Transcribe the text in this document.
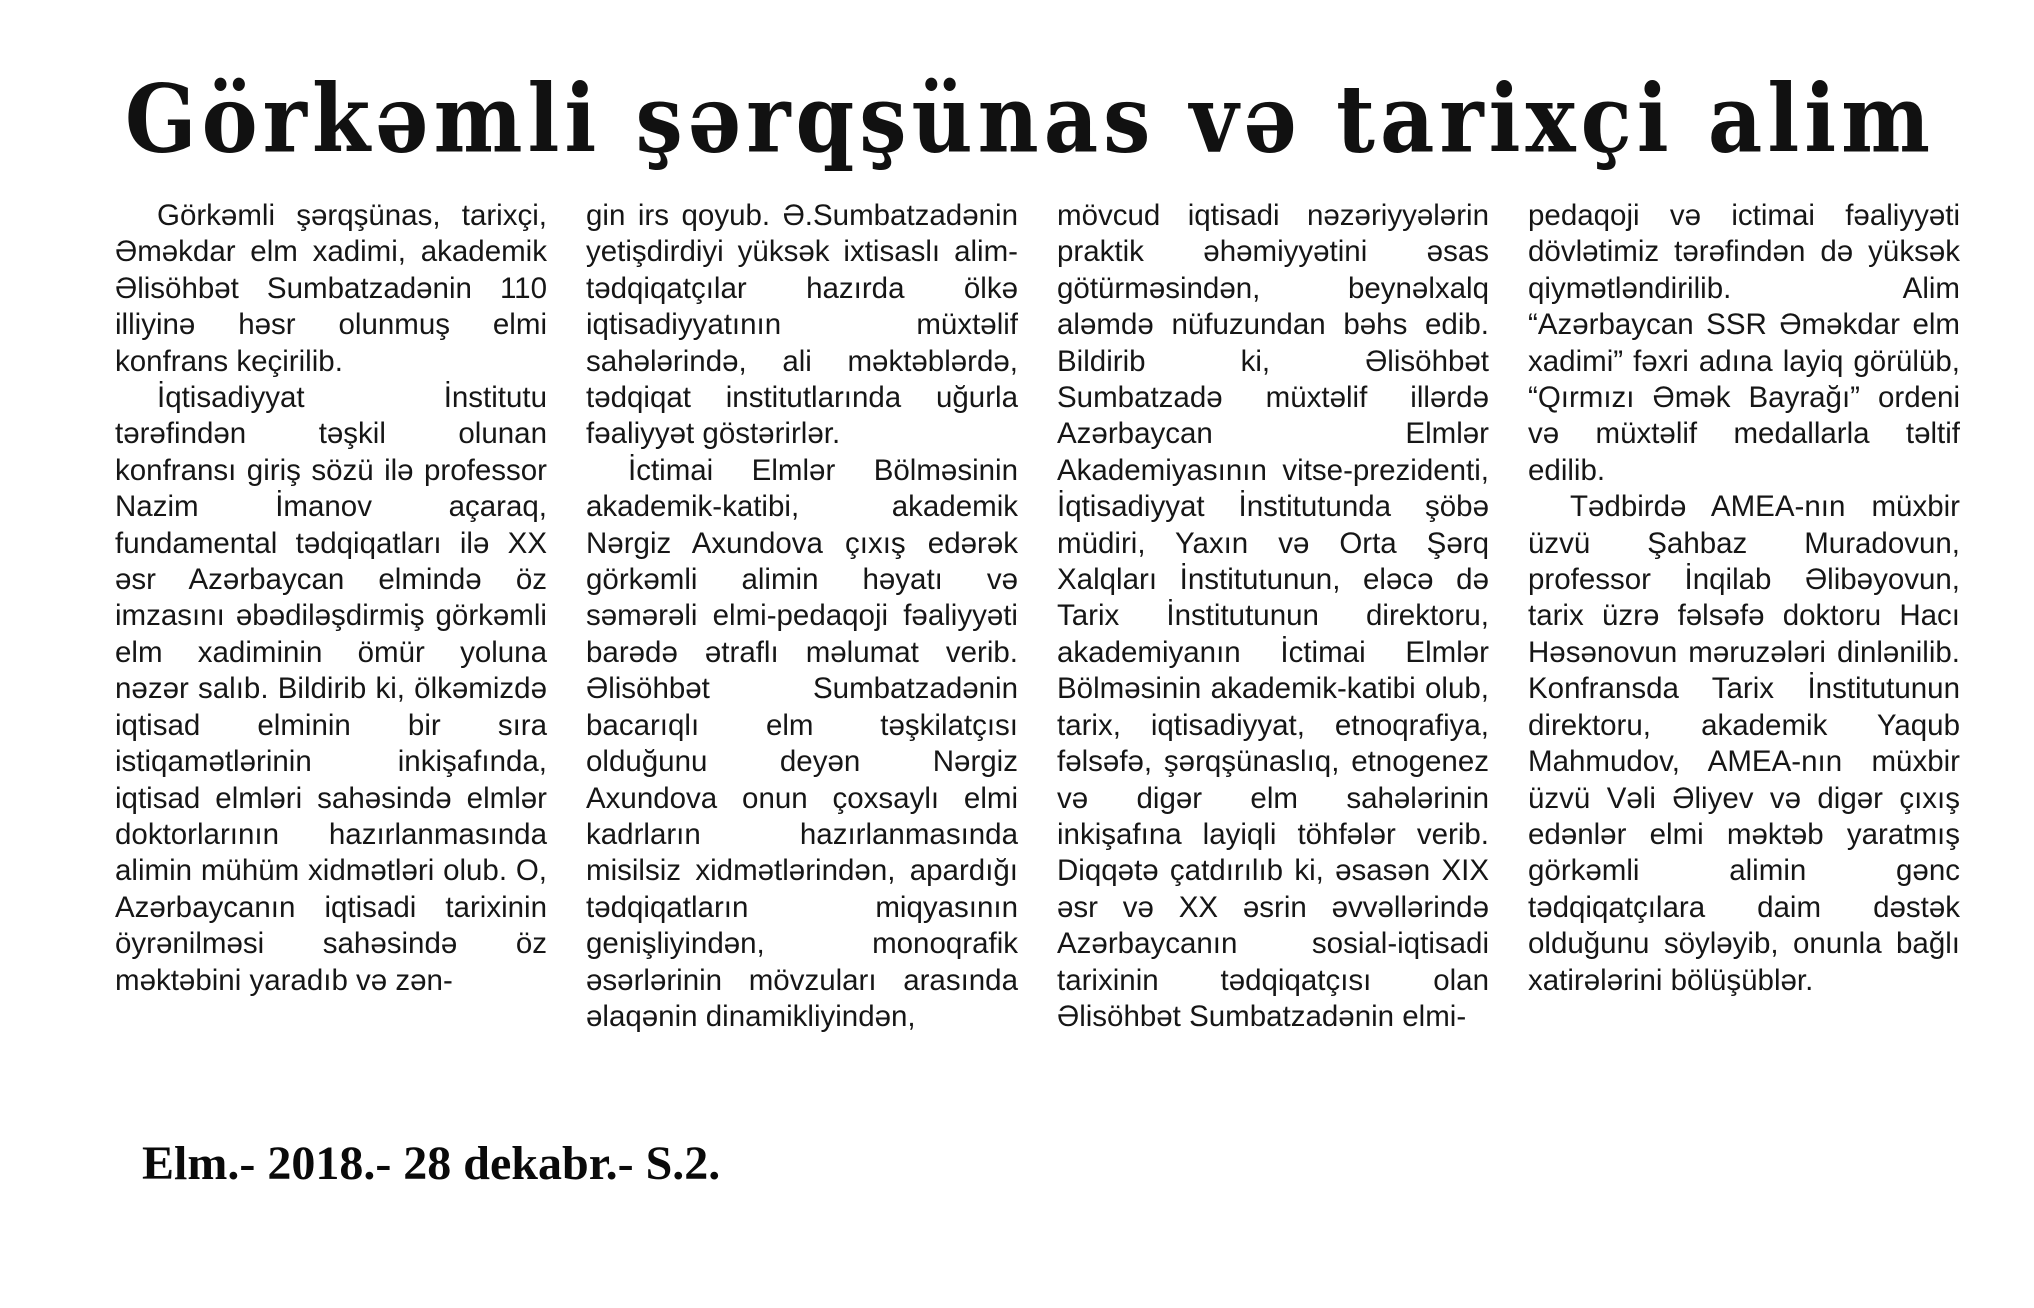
Görkəmli şərqşünas və tarixçi alim

Görkəmli şərqşünas, tarixçi, Əməkdar elm xadimi, akademik Əlisöhbət Sumbatzadənin 110 illiyinə həsr olunmuş elmi konfrans keçirilib.

İqtisadiyyat İnstitutu tərəfindən təşkil olunan konfransı giriş sözü ilə professor Nazim İmanov açaraq, fundamental tədqiqatları ilə XX əsr Azərbaycan elmində öz imzasını əbədiləşdirmiş görkəmli elm xadiminin ömür yoluna nəzər salıb. Bildirib ki, ölkəmizdə iqtisad elminin bir sıra istiqamətlərinin inkişafında, iqtisad elmləri sahəsində elmlər doktorlarının hazırlanmasında alimin mühüm xidmətləri olub. O, Azərbaycanın iqtisadi tarixinin öyrənilməsi sahəsində öz məktəbini yaradıb və zən-

gin irs qoyub. Ə.Sumbatzadənin yetişdirdiyi yüksək ixtisaslı alim-tədqiqatçılar hazırda ölkə iqtisadiyyatının müxtəlif sahələrində, ali məktəblərdə, tədqiqat institutlarında uğurla fəaliyyət göstərirlər.

İctimai Elmlər Bölməsinin akademik-katibi, akademik Nərgiz Axundova çıxış edərək görkəmli alimin həyatı və səmərəli elmi-pedaqoji fəaliyyəti barədə ətraflı məlumat verib. Əlisöhbət Sumbatzadənin bacarıqlı elm təşkilatçısı olduğunu deyən Nərgiz Axundova onun çoxsaylı elmi kadrların hazırlanmasında misilsiz xidmətlərindən, apardığı tədqiqatların miqyasının genişliyindən, monoqrafik əsərlərinin mövzuları arasında əlaqənin dinamikliyindən,

mövcud iqtisadi nəzəriyyələrin praktik əhəmiyyətini əsas götürməsindən, beynəlxalq aləmdə nüfuzundan bəhs edib. Bildirib ki, Əlisöhbət Sumbatzadə müxtəlif illərdə Azərbaycan Elmlər Akademiyasının vitse-prezidenti, İqtisadiyyat İnstitutunda şöbə müdiri, Yaxın və Orta Şərq Xalqları İnstitutunun, eləcə də Tarix İnstitutunun direktoru, akademiyanın İctimai Elmlər Bölməsinin akademik-katibi olub, tarix, iqtisadiyyat, etnoqrafiya, fəlsəfə, şərqşünaslıq, etnogenez və digər elm sahələrinin inkişafına layiqli töhfələr verib. Diqqətə çatdırılıb ki, əsasən XIX əsr və XX əsrin əvvəllərində Azərbaycanın sosial-iqtisadi tarixinin tədqiqatçısı olan Əlisöhbət Sumbatzadənin elmi-

pedaqoji və ictimai fəaliyyəti dövlətimiz tərəfindən də yüksək qiymətləndirilib. Alim “Azərbaycan SSR Əməkdar elm xadimi” fəxri adına layiq görülüb, “Qırmızı Əmək Bayrağı” ordeni və müxtəlif medallarla təltif edilib.

Tədbirdə AMEA-nın müxbir üzvü Şahbaz Muradovun, professor İnqilab Əlibəyovun, tarix üzrə fəlsəfə doktoru Hacı Həsənovun məruzələri dinlənilib. Konfransda Tarix İnstitutunun direktoru, akademik Yaqub Mahmudov, AMEA-nın müxbir üzvü Vəli Əliyev və digər çıxış edənlər elmi məktəb yaratmış görkəmli alimin gənc tədqiqatçılara daim dəstək olduğunu söyləyib, onunla bağlı xatirələrini bölüşüblər.

Elm.- 2018.- 28 dekabr.- S.2.
